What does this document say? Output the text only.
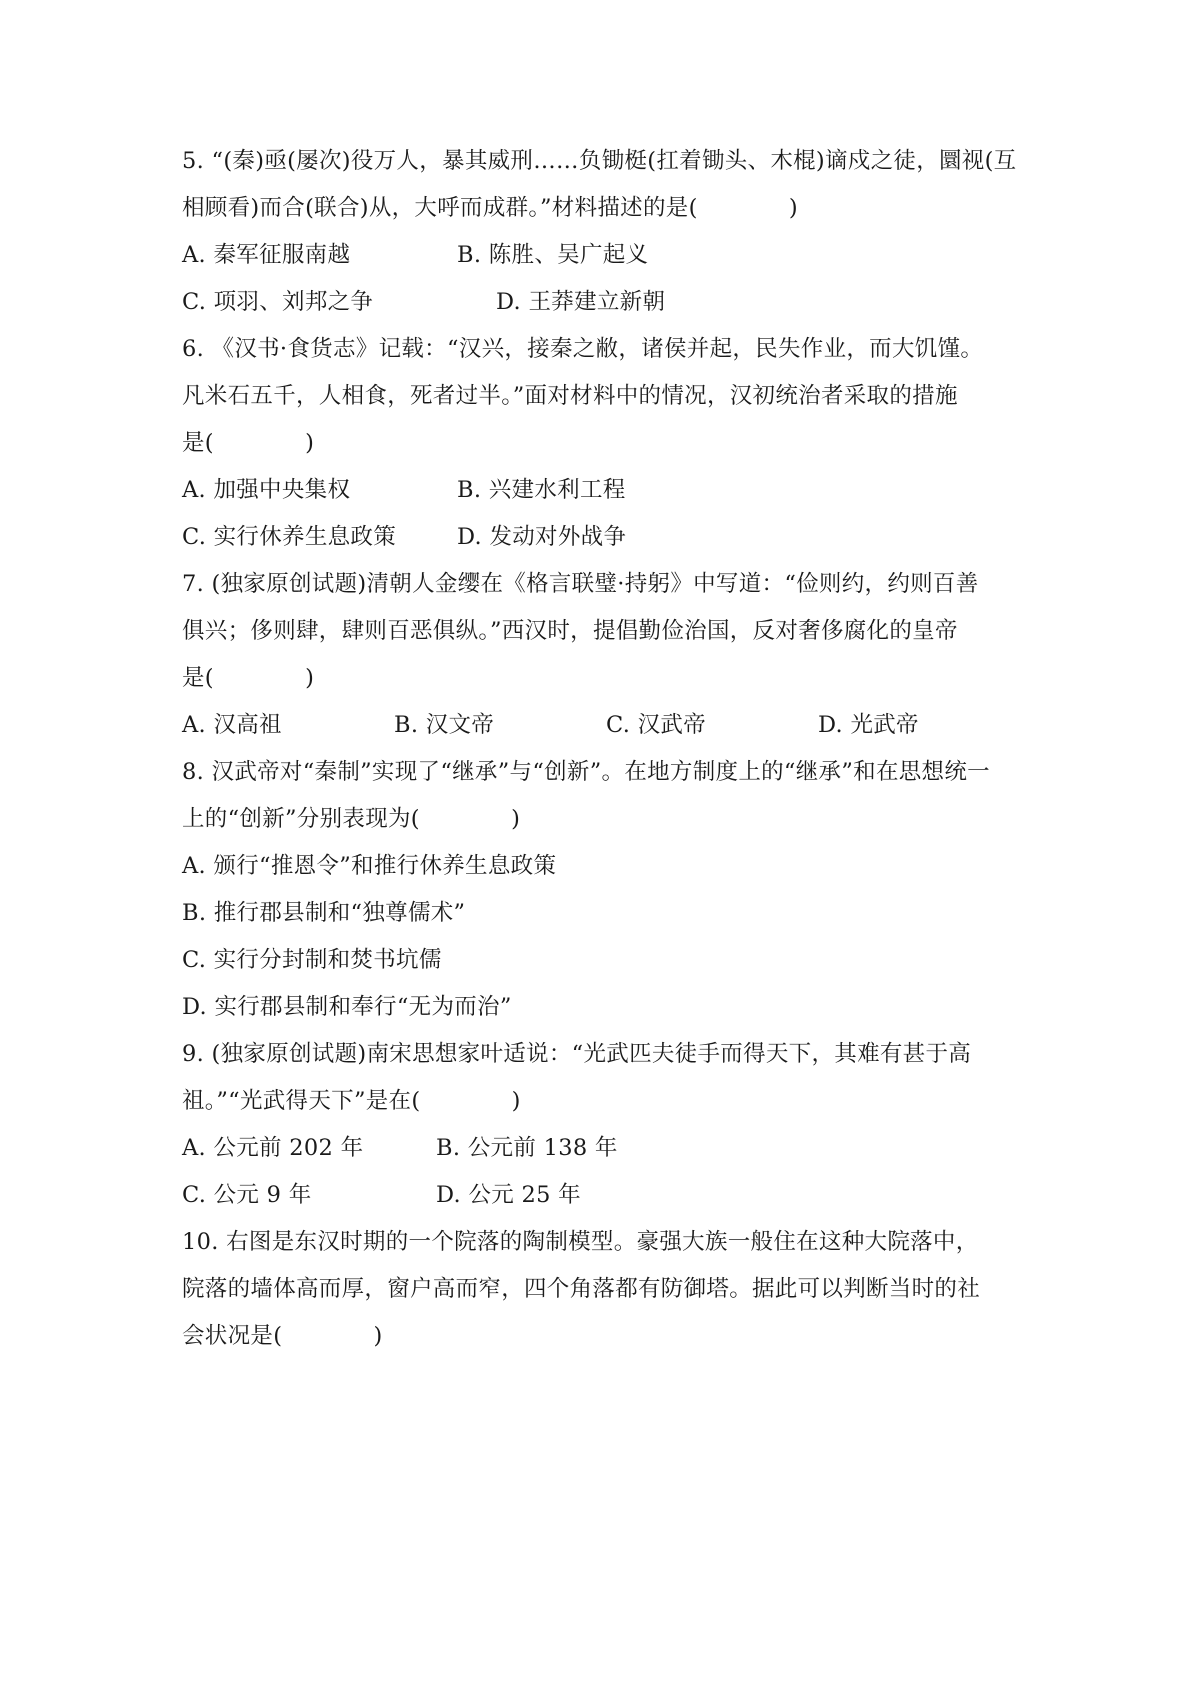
5. “(秦)亟(屡次)役万人，暴其威刑……负锄梃(扛着锄头、木棍)谪戍之徒，圜视(互
相顾看)而合(联合)从，大呼而成群。”材料描述的是(　　　　)
A. 秦军征服南越	B. 陈胜、吴广起义
C. 项羽、刘邦之争	D. 王莽建立新朝
6. 《汉书·食货志》记载：“汉兴，接秦之敝，诸侯并起，民失作业，而大饥馑。
凡米石五千，人相食，死者过半。”面对材料中的情况，汉初统治者采取的措施
是(　　　　)
A. 加强中央集权	B. 兴建水利工程
C. 实行休养生息政策	D. 发动对外战争
7. (独家原创试题)清朝人金缨在《格言联璧·持躬》中写道：“俭则约，约则百善
俱兴；侈则肆，肆则百恶俱纵。”西汉时，提倡勤俭治国，反对奢侈腐化的皇帝
是(　　　　)
A. 汉高祖	B. 汉文帝	C. 汉武帝	D. 光武帝
8. 汉武帝对“秦制”实现了“继承”与“创新”。在地方制度上的“继承”和在思想统一
上的“创新”分别表现为(　　　　)
A. 颁行“推恩令”和推行休养生息政策
B. 推行郡县制和“独尊儒术”
C. 实行分封制和焚书坑儒
D. 实行郡县制和奉行“无为而治”
9. (独家原创试题)南宋思想家叶适说：“光武匹夫徒手而得天下，其难有甚于高
祖。”“光武得天下”是在(　　　　)
A. 公元前 202 年	B. 公元前 138 年
C. 公元 9 年	D. 公元 25 年
10. 右图是东汉时期的一个院落的陶制模型。豪强大族一般住在这种大院落中，
院落的墙体高而厚，窗户高而窄，四个角落都有防御塔。据此可以判断当时的社
会状况是(　　　　)
